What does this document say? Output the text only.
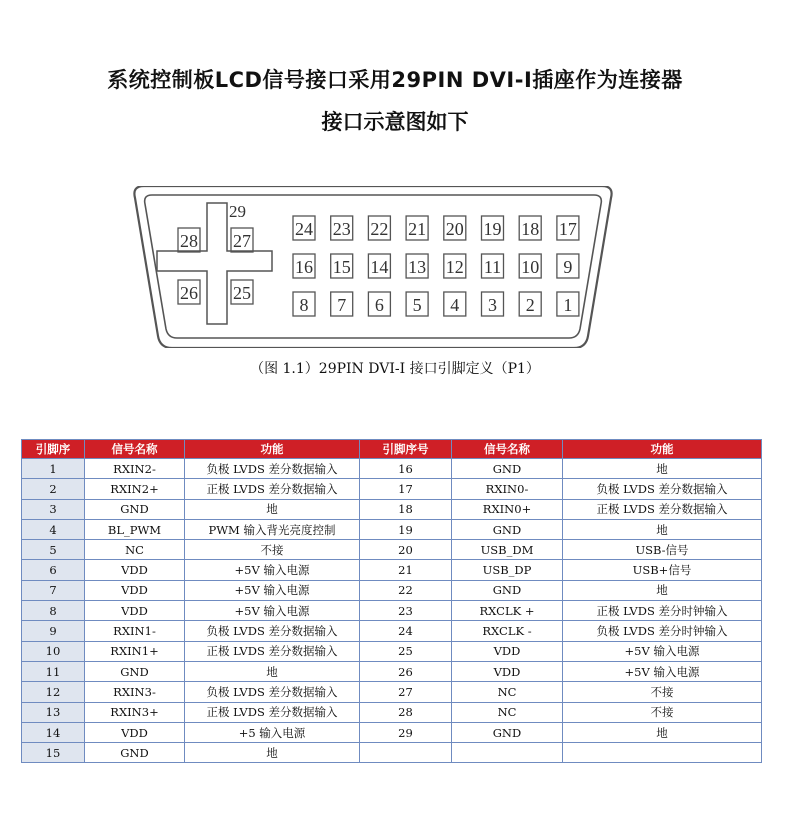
系统控制板LCD信号接口采用29PIN DVI-I插座作为连接器
接口示意图如下
29
28 27
26 25
24 23 22 21 20 19 18 17
16 15 14 13 12 11 10 9
8 7 6 5 4 3 2 1
（图 1.1）29PIN DVI-I 接口引脚定义（P1）
引脚序	信号名称	功能	引脚序号	信号名称	功能
1	RXIN2-	负极 LVDS 差分数据输入	16	GND	地
2	RXIN2+	正极 LVDS 差分数据输入	17	RXIN0-	负极 LVDS 差分数据输入
3	GND	地	18	RXIN0+	正极 LVDS 差分数据输入
4	BL_PWM	PWM 输入背光亮度控制	19	GND	地
5	NC	不接	20	USB_DM	USB-信号
6	VDD	+5V 输入电源	21	USB_DP	USB+信号
7	VDD	+5V 输入电源	22	GND	地
8	VDD	+5V 输入电源	23	RXCLK +	正极 LVDS 差分时钟输入
9	RXIN1-	负极 LVDS 差分数据输入	24	RXCLK -	负极 LVDS 差分时钟输入
10	RXIN1+	正极 LVDS 差分数据输入	25	VDD	+5V 输入电源
11	GND	地	26	VDD	+5V 输入电源
12	RXIN3-	负极 LVDS 差分数据输入	27	NC	不接
13	RXIN3+	正极 LVDS 差分数据输入	28	NC	不接
14	VDD	+5 输入电源	29	GND	地
15	GND	地			
